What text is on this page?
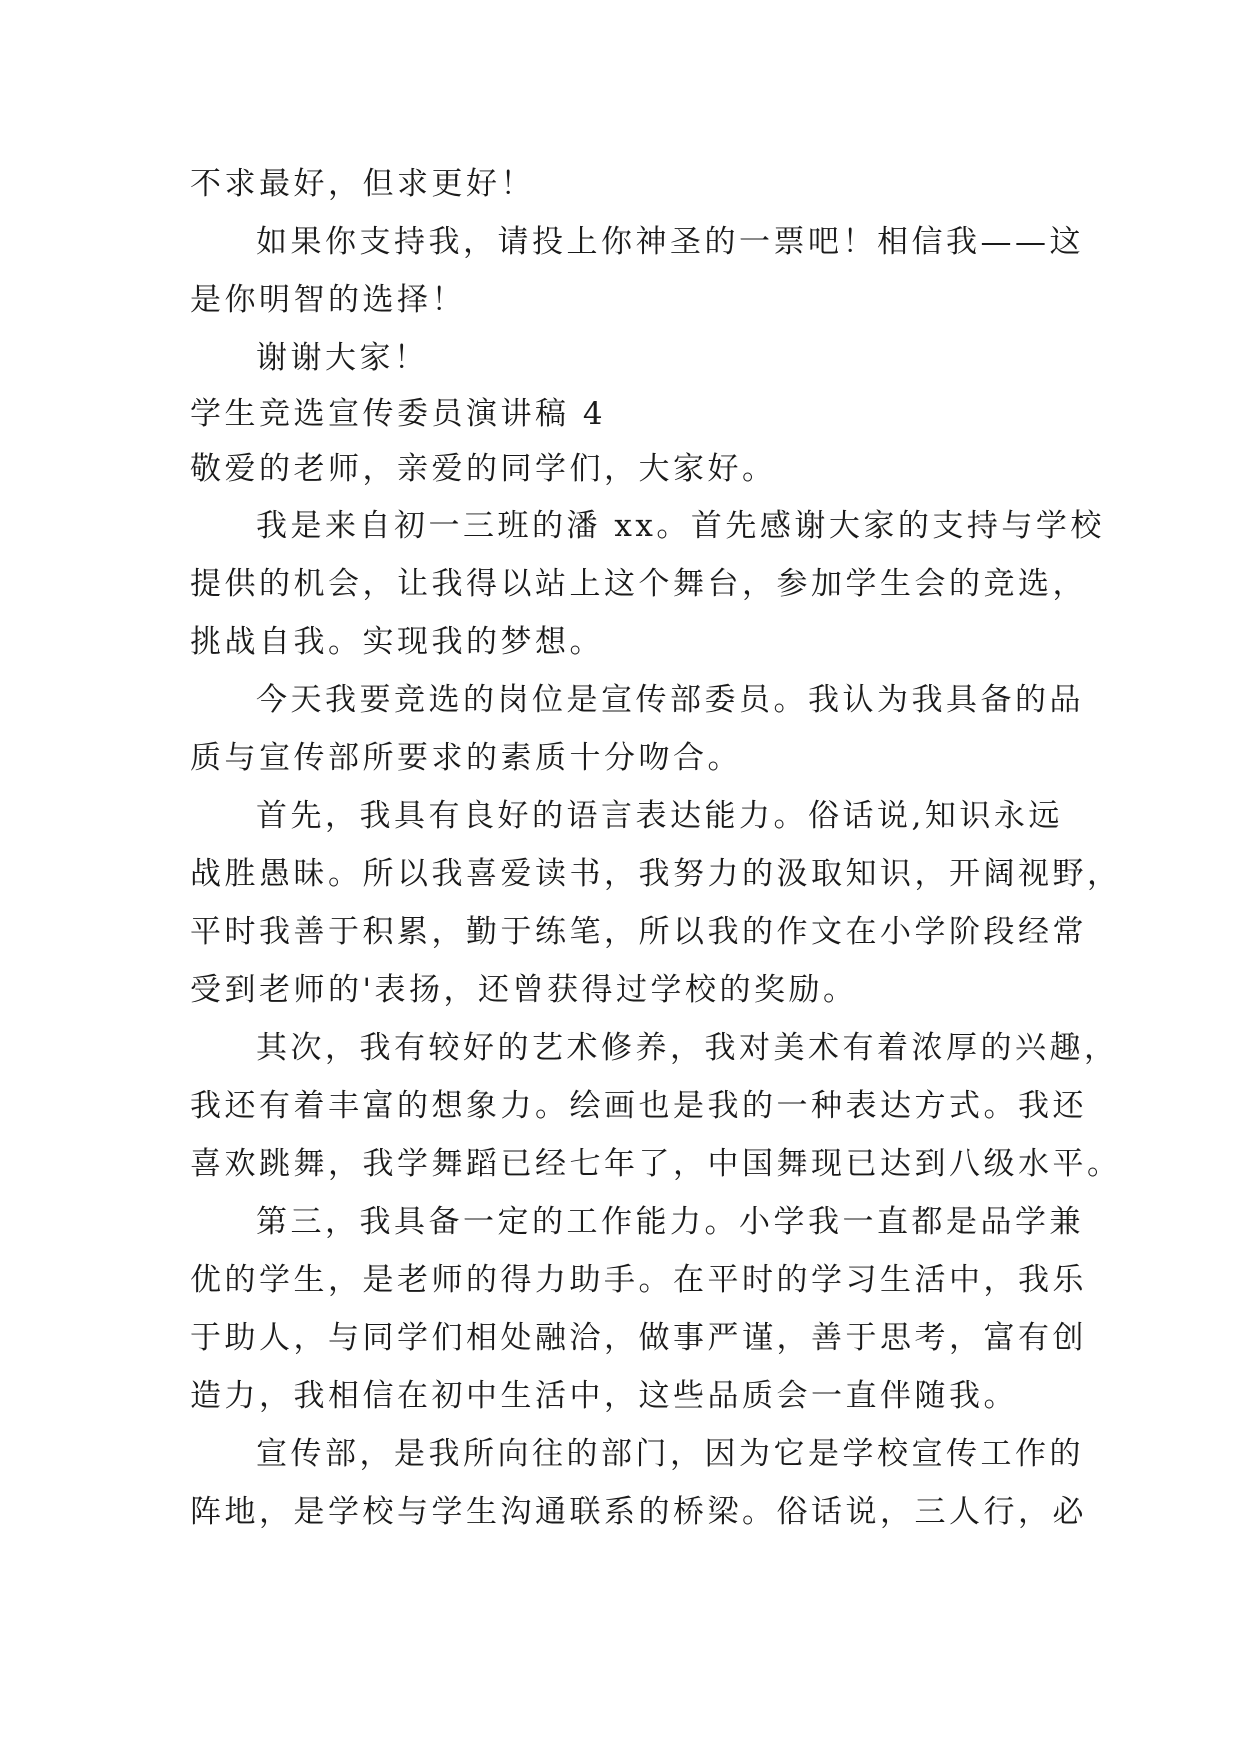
不求最好，但求更好！
如果你支持我，请投上你神圣的一票吧！相信我——这
是你明智的选择！
谢谢大家！
学生竞选宣传委员演讲稿 4
敬爱的老师，亲爱的同学们，大家好。
我是来自初一三班的潘 xx。首先感谢大家的支持与学校
提供的机会，让我得以站上这个舞台，参加学生会的竞选，
挑战自我。实现我的梦想。
今天我要竞选的岗位是宣传部委员。我认为我具备的品
质与宣传部所要求的素质十分吻合。
首先，我具有良好的语言表达能力。俗话说,知识永远
战胜愚昧。所以我喜爱读书，我努力的汲取知识，开阔视野，
平时我善于积累，勤于练笔，所以我的作文在小学阶段经常
受到老师的'表扬，还曾获得过学校的奖励。
其次，我有较好的艺术修养，我对美术有着浓厚的兴趣，
我还有着丰富的想象力。绘画也是我的一种表达方式。我还
喜欢跳舞，我学舞蹈已经七年了，中国舞现已达到八级水平。
第三，我具备一定的工作能力。小学我一直都是品学兼
优的学生，是老师的得力助手。在平时的学习生活中，我乐
于助人，与同学们相处融洽，做事严谨，善于思考，富有创
造力，我相信在初中生活中，这些品质会一直伴随我。
宣传部，是我所向往的部门，因为它是学校宣传工作的
阵地，是学校与学生沟通联系的桥梁。俗话说，三人行，必
